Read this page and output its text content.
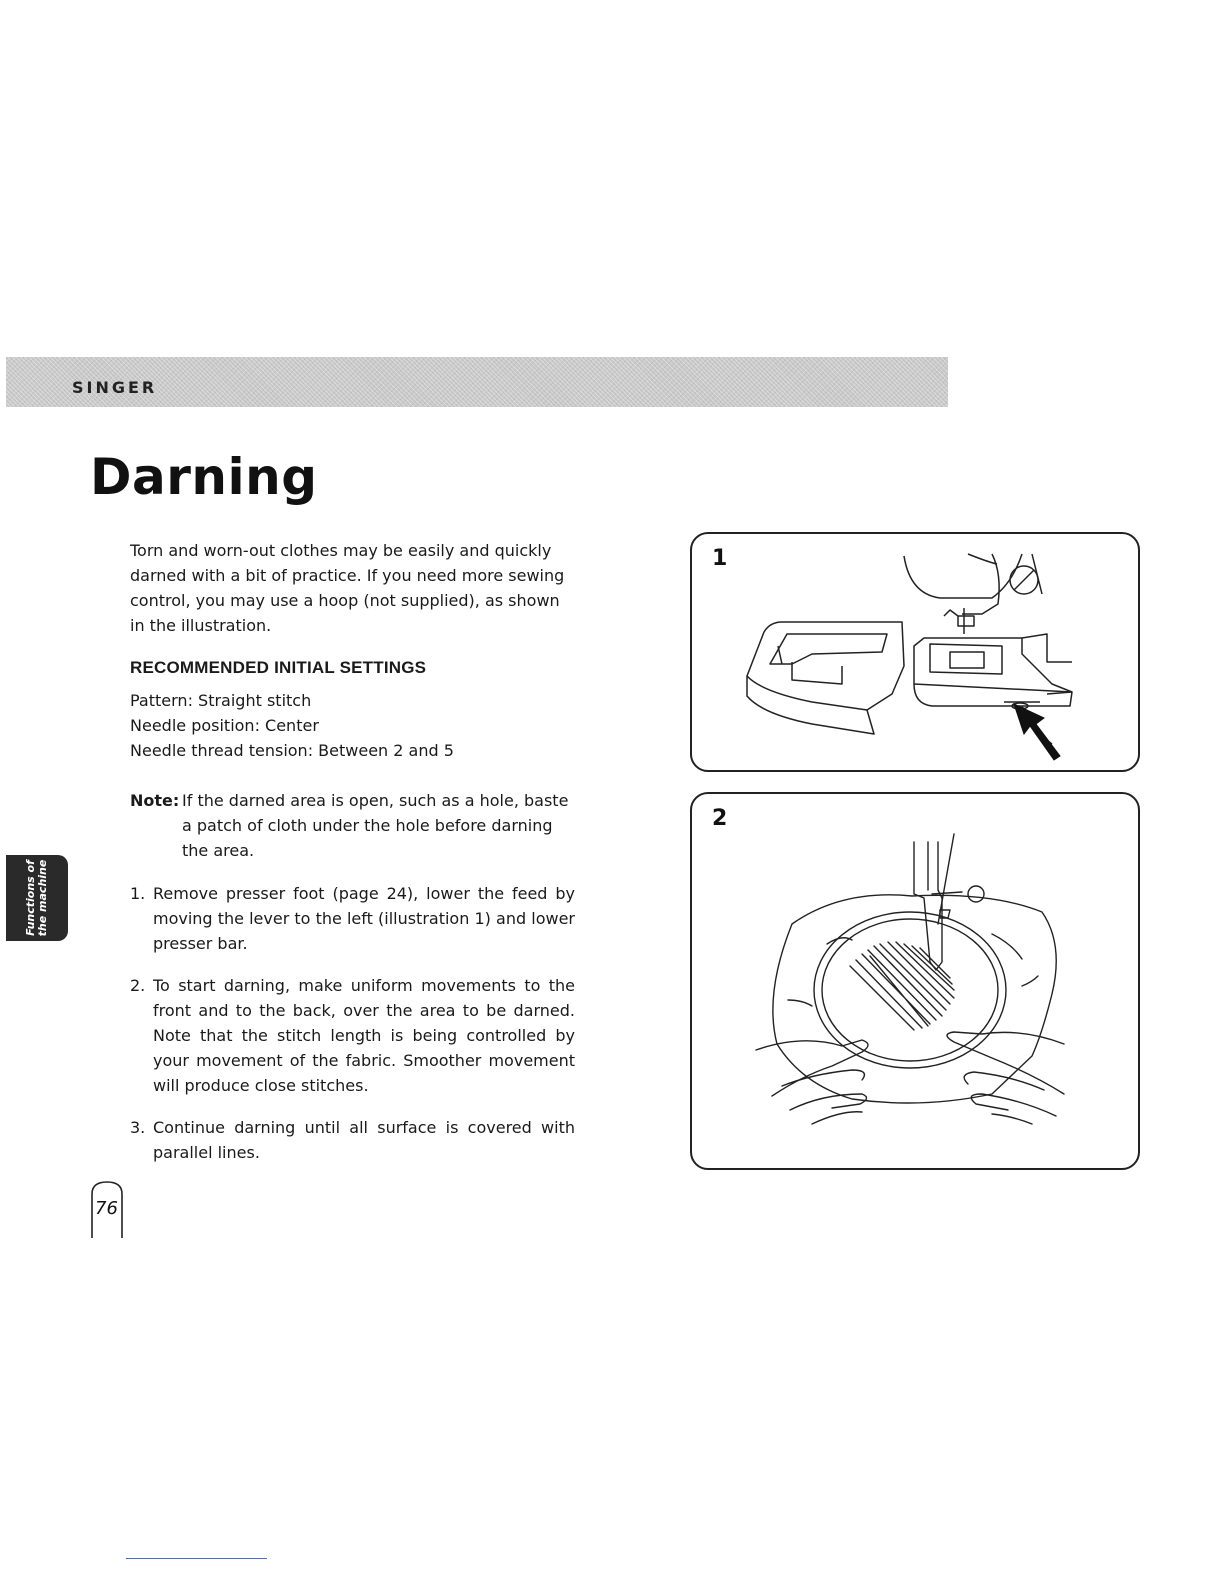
SINGER
Darning

Torn and worn-out clothes may be easily and quickly darned with a bit of practice. If you need more sewing control, you may use a hoop (not supplied), as shown in the illustration.

RECOMMENDED INITIAL SETTINGS

Pattern: Straight stitch

Needle position: Center

Needle thread tension: Between 2 and 5

Note: If the darned area is open, such as a hole, baste a patch of cloth under the hole before darning the area.

1. Remove presser foot (page 24), lower the feed by moving the lever to the left (illustration 1) and lower presser bar.
2. To start darning, make uniform movements to the front and to the back, over the area to be darned. Note that the stitch length is being controlled by your movement of the fabric. Smoother movement will produce close stitches.
3. Continue darning until all surface is covered with parallel lines.
Functions of the machine
76
1
2
